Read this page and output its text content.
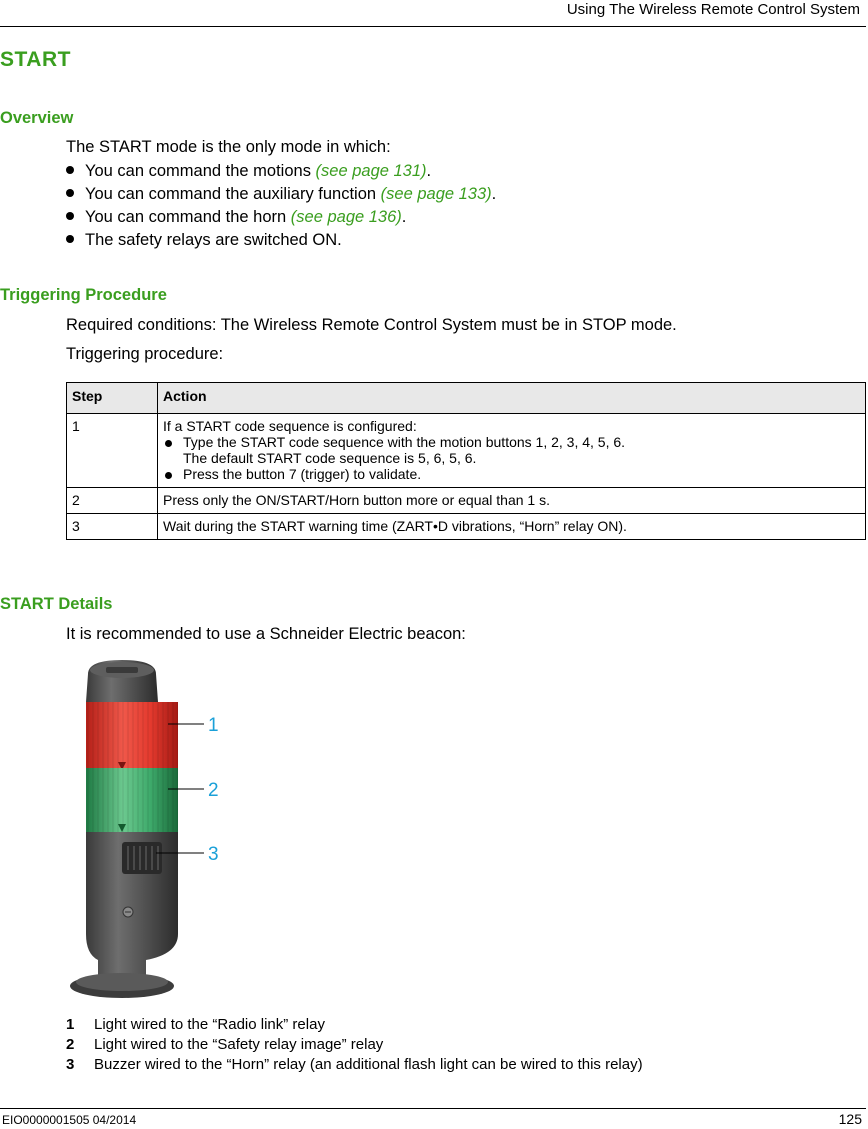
Using The Wireless Remote Control System
START
Overview
The START mode is the only mode in which:
You can command the motions (see page 131).
You can command the auxiliary function (see page 133).
You can command the horn (see page 136).
The safety relays are switched ON.
Triggering Procedure
Required conditions: The Wireless Remote Control System must be in STOP mode.
Triggering procedure:
Step	Action
1	If a START code sequence is configured:
Type the START code sequence with the motion buttons 1, 2, 3, 4, 5, 6.
The default START code sequence is 5, 6, 5, 6.
Press the button 7 (trigger) to validate.

2	Press only the ON/START/Horn button more or equal than 1 s.
3	Wait during the START warning time (ZART•D vibrations, “Horn” relay ON).
START Details
It is recommended to use a Schneider Electric beacon:
1
2
3
1 Light wired to the “Radio link” relay
2 Light wired to the “Safety relay image” relay
3 Buzzer wired to the “Horn” relay (an additional flash light can be wired to this relay)
EIO0000001505 04/2014	125
